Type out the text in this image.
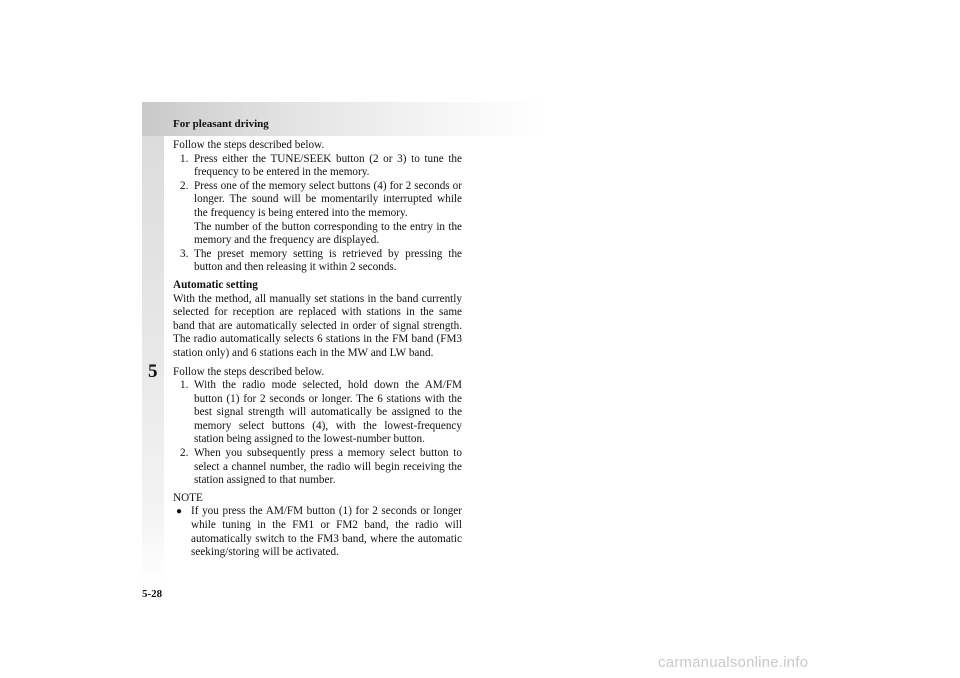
For pleasant driving
5

Follow the steps described below.

1. Press either the TUNE/SEEK button (2 or 3) to tune the frequency to be entered in the memory.
2. Press one of the memory select buttons (4) for 2 seconds or longer. The sound will be momentarily interrupted while the frequency is being entered into the memory.

The number of the button corresponding to the entry in the memory and the frequency are displayed.

3. The preset memory setting is retrieved by pressing the button and then releasing it within 2 seconds.

Automatic setting

With the method, all manually set stations in the band currently selected for reception are replaced with stations in the same band that are automatically selected in order of signal strength. The radio automatically selects 6 stations in the FM band (FM3 station only) and 6 stations each in the MW and LW band.

Follow the steps described below.

1. With the radio mode selected, hold down the AM/FM button (1) for 2 seconds or longer. The 6 stations with the best signal strength will automatically be assigned to the memory select buttons (4), with the lowest-frequency station being assigned to the lowest-number button.
2. When you subsequently press a memory select button to select a channel number, the radio will begin receiving the station assigned to that number.

NOTE

● If you press the AM/FM button (1) for 2 seconds or longer while tuning in the FM1 or FM2 band, the radio will automatically switch to the FM3 band, where the automatic seeking/storing will be activated.
5-28
carmanualsonline.info
